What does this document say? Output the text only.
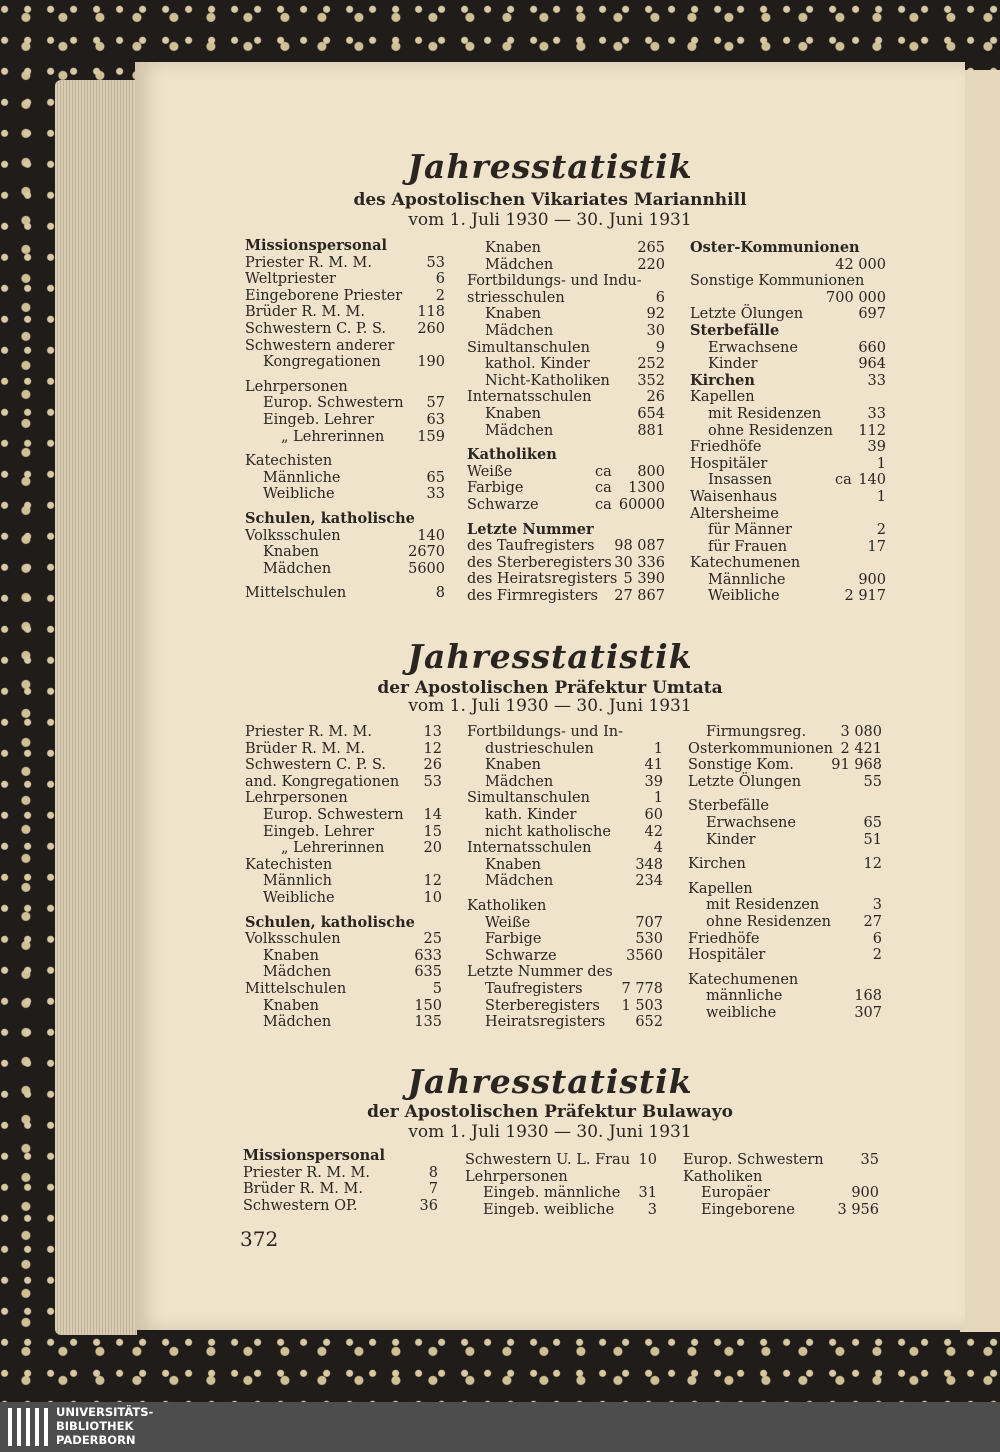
Jahresstatistik
des Apostolischen Vikariates Mariannhill
vom 1. Juli 1930 — 30. Juni 1931
Missionspersonal
Priester R. M. M.	53
Weltpriester	6
Eingeborene Priester 2
Brüder R. M. M.	118
Schwestern C. P. S. 260
Schwestern anderer
Kongregationen	190
Lehrpersonen
Europ. Schwestern 57
Eingeb. Lehrer	63
„ Lehrerinnen 159
Katechisten
Männliche	65
Weibliche	33
Schulen, katholische
Volksschulen	140
Knaben	2670
Mädchen	5600
Mittelschulen	8
Knaben	265
Mädchen	220
Fortbildungs- und Indu-
striesschulen	6
Knaben	92
Mädchen	30
Simultanschulen	9
kathol. Kinder	252
Nicht-Katholiken 352
Internatsschulen	26
Knaben	654
Mädchen	881
Katholiken
Weiße	ca 800
Farbige	ca 1300
Schwarze	ca 60000
Letzte Nummer
des Taufregisters 98 087
des Sterberegisters 30 336
des Heiratsregisters 5 390
des Firmregisters 27 867
Oster-Kommunionen
42 000
Sonstige Kommunionen
700 000
Letzte Ölungen	697
Sterbefälle
Erwachsene	660
Kinder	964
Kirchen	33
Kapellen
mit Residenzen	33
ohne Residenzen 112
Friedhöfe	39
Hospitäler	1
Insassen	ca 140
Waisenhaus	1
Altersheime
für Männer	2
für Frauen	17
Katechumenen
Männliche	900
Weibliche	2 917
Jahresstatistik
der Apostolischen Präfektur Umtata
vom 1. Juli 1930 — 30. Juni 1931
Priester R. M. M.	13
Brüder R. M. M.	12
Schwestern C. P. S.	26
and. Kongregationen 53
Lehrpersonen
Europ. Schwestern 14
Eingeb. Lehrer	15
„ Lehrerinnen	20
Katechisten
Männlich	12
Weibliche	10
Schulen, katholische
Volksschulen	25
Knaben	633
Mädchen	635
Mittelschulen	5
Knaben	150
Mädchen	135
Fortbildungs- und In-
dustrieschulen	1
Knaben	41
Mädchen	39
Simultanschulen	1
kath. Kinder	60
nicht katholische 42
Internatsschulen	4
Knaben	348
Mädchen	234
Katholiken
Weiße	707
Farbige	530
Schwarze	3560
Letzte Nummer des
Taufregisters	7 778
Sterberegisters 1 503
Heiratsregisters 652
Firmungsreg. 3 080
Osterkommunionen 2 421
Sonstige Kom.	91 968
Letzte Ölungen	55
Sterbefälle
Erwachsene	65
Kinder	51
Kirchen	12
Kapellen
mit Residenzen	3
ohne Residenzen 27
Friedhöfe	6
Hospitäler	2
Katechumenen
männliche	168
weibliche	307
Jahresstatistik
der Apostolischen Präfektur Bulawayo
vom 1. Juli 1930 — 30. Juni 1931
Missionspersonal
Priester R. M. M.	8
Brüder R. M. M.	7
Schwestern OP.	36
Schwestern U. L. Frau 10
Lehrpersonen
Eingeb. männliche 31
Eingeb. weibliche 3
Europ. Schwestern	35
Katholiken
Europäer	900
Eingeborene	3 956
372
UNIVERSITÄTS-
BIBLIOTHEK
PADERBORN
